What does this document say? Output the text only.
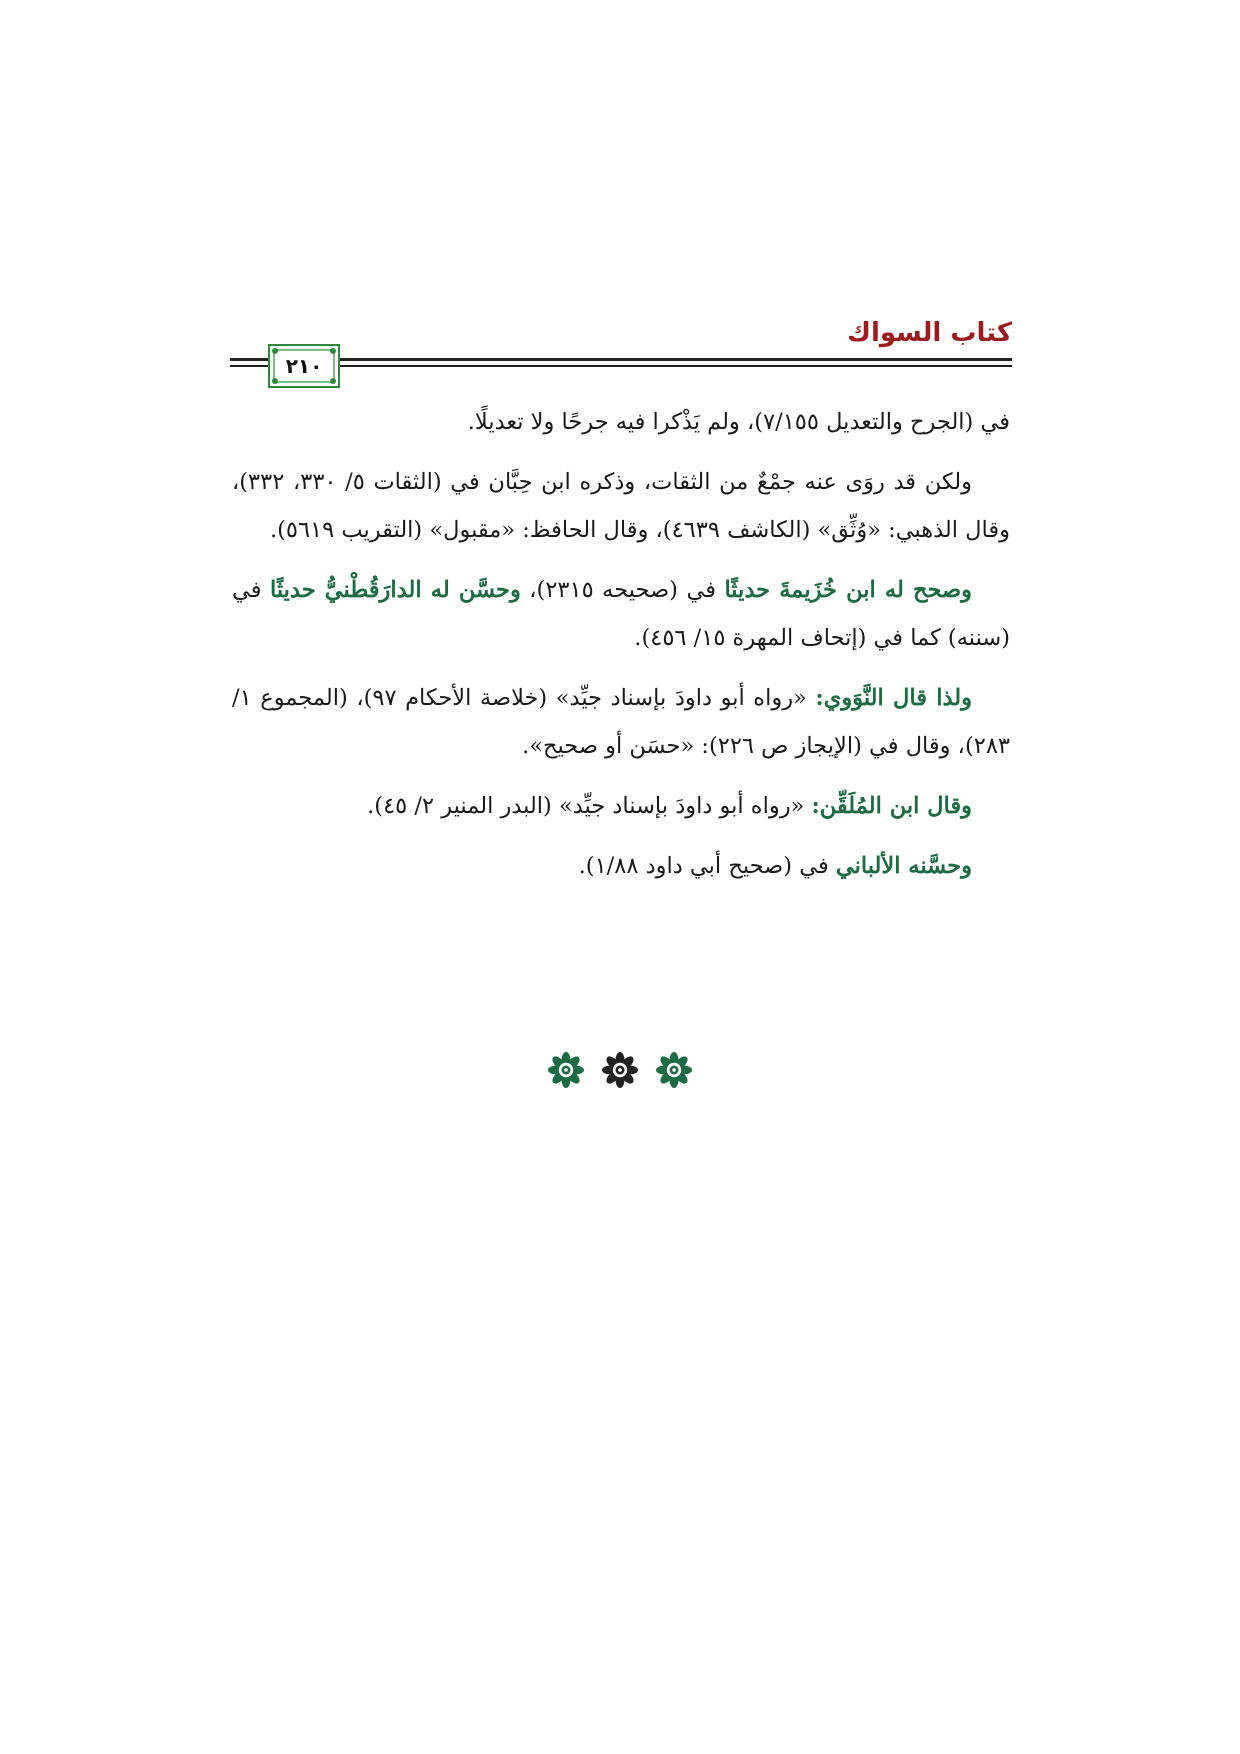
كتاب السواك
٢١٠

في (الجرح والتعديل ٧/١٥٥)، ولم يَذْكرا فيه جرحًا ولا تعديلًا.

ولكن قد روَى عنه جمْعٌ من الثقات، وذكره ابن حِبَّان في (الثقات ٥/ ٣٣٠، ٣٣٢)، وقال الذهبي: «وُثِّق» (الكاشف ٤٦٣٩)، وقال الحافظ: «مقبول» (التقريب ٥٦١٩).

وصحح له ابن خُزَيمةَ حديثًا في (صحيحه ٢٣١٥)، وحسَّن له الدارَقُطْنيُّ حديثًا في (سننه) كما في (إتحاف المهرة ١٥/ ٤٥٦).

ولذا قال النَّوَوي: «رواه أبو داودَ بإسناد جيِّد» (خلاصة الأحكام ٩٧)، (المجموع ١/ ٢٨٣)، وقال في (الإيجاز ص ٢٢٦): «حسَن أو صحيح».

وقال ابن المُلَقِّن: «رواه أبو داودَ بإسناد جيِّد» (البدر المنير ٢/ ٤٥).

وحسَّنه الألباني في (صحيح أبي داود ١/٨٨).
